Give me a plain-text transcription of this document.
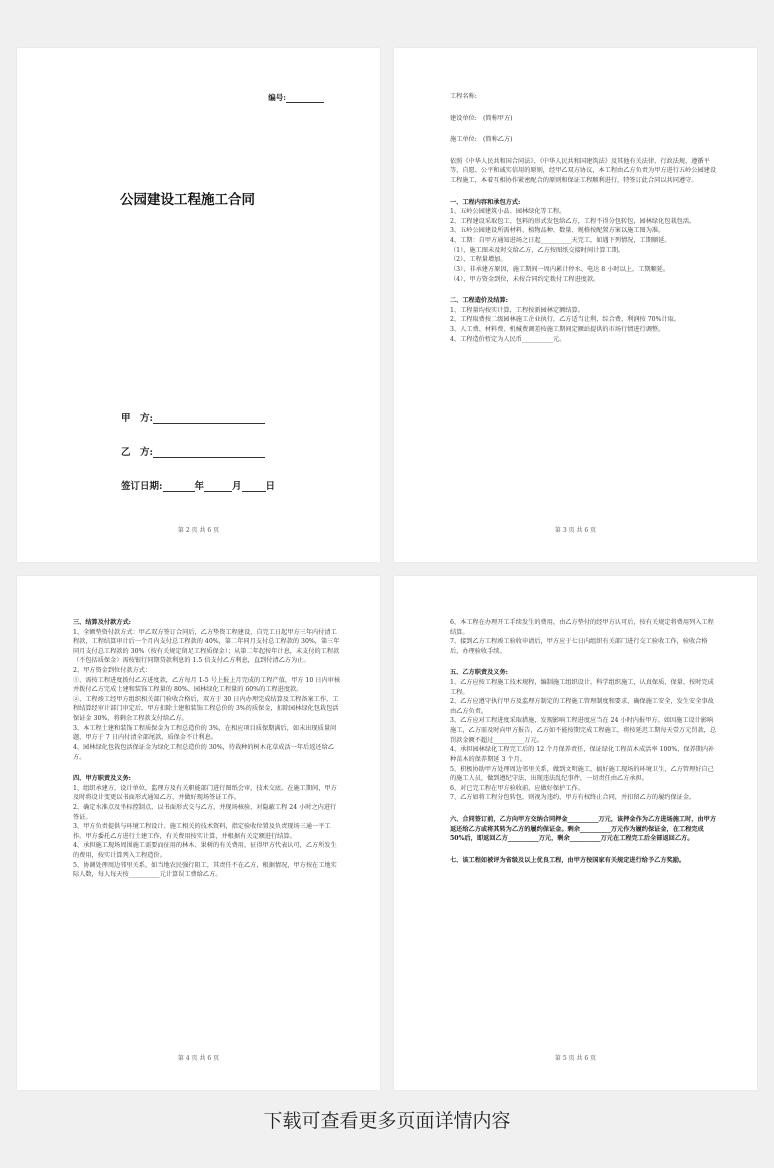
编号:
公园建设工程施工合同
甲　方:
乙　方:
签订日期:	年	月	日
第 2 页 共 6 页

工程名称:

建设单位:　(简称甲方)

施工单位:　(简称乙方)

依照《中华人民共和国合同法》、《中华人民共和国建筑法》及其他有关法律、行政法规，遵循平等、自愿、公平和诚实信用的原则，经甲乙双方协议，本工程由乙方负责为甲方进行五岭公园建设工程施工，本着互相协作紧密配合的原则和保证工程顺利进行，特签订此合同以共同遵守。

一、工程内容和承包方式:

1、五岭公园建筑小品、园林绿化等工程。

2、工程建设采取包工、包料的形式发包给乙方，工程不得分包转包，园林绿化包栽包活。

3、五岭公园建设所需材料、植物品种、数量、规格按配置方案以施工图为准。

4、工期：自甲方通知进场之日起__________天完工，如遇下列情况，工期顺延。

（1）、施工图未及时交给乙方，乙方按图纸交接时间计算工期。

（2）、工程量增加。

（3）、非承建方原因，施工期间一周内累计停水、电达 8 小时以上，工期顺延。

（4）、甲方资金到位，未按合同约定拨付工程进度款。

二、工程造价及结算:

1、工程量均按实计算，工程按新园林定额结算。

2、工程取费按二级园林施工企业执行，乙方适当让利，综合费、利润按 70%计取。

3、人工费、材料费、机械费调差按施工期间定额站提供的市场行情进行调整。

4、工程造价暂定为人民币__________元。

第 3 页 共 6 页

三、结算及付款方式:

1、全额垫资付款方式：甲乙双方签订合同后，乙方垫资工程建设，自完工日起甲方三年内付清工程款，工程结算审计后一个月内支付总工程款的 40%，第二年同月支付总工程款的 30%，第三年同月支付总工程款的 30%（按有关规定留足工程质保金）；从第二年起按年计息，未支付的工程款（不包括质保金）需按银行同期贷款利息的 1.5 倍支付乙方利息，直到付清乙方为止。

2、甲方资金到位付款方式：

①、需按工程进度拨付乙方进度款，乙方每月 1-5 号上报上月完成的工程产值，甲方 10 日内审核并拨付乙方完成土建和装饰工程量的 80%、园林绿化工程量的 60%的工程进度款。

②、工程竣工经甲方组织相关部门验收合格后，双方于 30 日内办理完成结算及工程备案工作，工程结算经审计部门审定后，甲方扣除土建和装饰工程总价的 3%的质保金，扣除园林绿化包栽包活保证金 30%，将剩余工程款支付给乙方。

3、本工程土建和装饰工程质保金为工程总造价的 3%，在相应项目质保期满后，如未出现质量问题，甲方于 7 日内付清全部尾款，质保金不计利息。

4、园林绿化包栽包活保证金为绿化工程总造价的 30%，待栽种的树木花草成活一年后返还给乙方。

四、甲方职责及义务:

1、组织承建方，设计单位，监理方及有关职能部门进行图纸会审，技术交底。在施工期间，甲方及时将设计变更以书面形式通知乙方，并做好现场签证工作。

2、确定水准点及坐标控制点，以书面形式交与乙方，并现场核验，对隐蔽工程 24 小时之内进行签证。

3、甲方负责提供与环境工程设计、施工相关的技术资料，指定验收位置及负责现场三通一平工作。甲方委托乙方进行土建工作，有关费用按实计算，并根据有关定额进行结算。

4、承担施工现场周围施工需要而征用的林木、果树的有关费用，征得甲方代表认可，乙方所发生的费用，按实计算列入工程造价。

5、协调处理周边邻里关系，如当地农民强行阻工，其责任不在乙方，根据情况，甲方按在工地实际人数，每人每天按__________元计算误工费给乙方。

第 4 页 共 6 页

6、本工程在办理开工手续发生的费用，由乙方垫付的经甲方认可后，按有关规定将费用列入工程结算。

7、接到乙方工程竣工验收申请后，甲方应于七日内组织有关部门进行交工验收工作，验收合格后，办理验收手续。

五、乙方职责及义务:

1、乙方应按工程施工技术规程，编制施工组织设计，科学组织施工，认真保质、保量、按时完成工程。

2、乙方应遵守执行甲方及监理方制定的工程施工管理制度和要求，确保施工安全，发生安全事故由乙方负责。

3、乙方应对工程进度采取措施，发现影响工程进度应当在 24 小时内报甲方。如因施工设计影响施工，乙方需及时向甲方报告，乙方如不能按期完成工程施工，将按延迟工期每天壹万元罚款，总罚款金额不超过__________万元。

4、承担园林绿化工程完工后的 12 个月保养责任，保证绿化工程苗木成活率 100%，保养期内补种苗木的保养期延 3 个月。

5、积极协助甲方处理周边邻里关系，做到文明施工，搞好施工现场的环境卫生，乙方管理好自己的施工人员，做到遵纪守法，出现违法乱纪事件，一切责任由乙方承担。

6、对已完工程在甲方验收前，应做好保护工作。

7、乙方如将工程分包转包，则视为违约，甲方有权终止合同，并扣留乙方的履约保证金。

六、合同签订前，乙方向甲方交纳合同押金__________万元，该押金作为乙方进场施工时，由甲方返还给乙方或将其转为乙方的履约保证金。剩余__________万元作为履约保证金，在工程完成 50%后，即返回乙方__________万元，剩余__________万元在工程完工后全部返回乙方。

七、该工程如被评为省级及以上优良工程，由甲方按国家有关规定进行给予乙方奖励。

第 5 页 共 6 页
下载可查看更多页面详情内容
